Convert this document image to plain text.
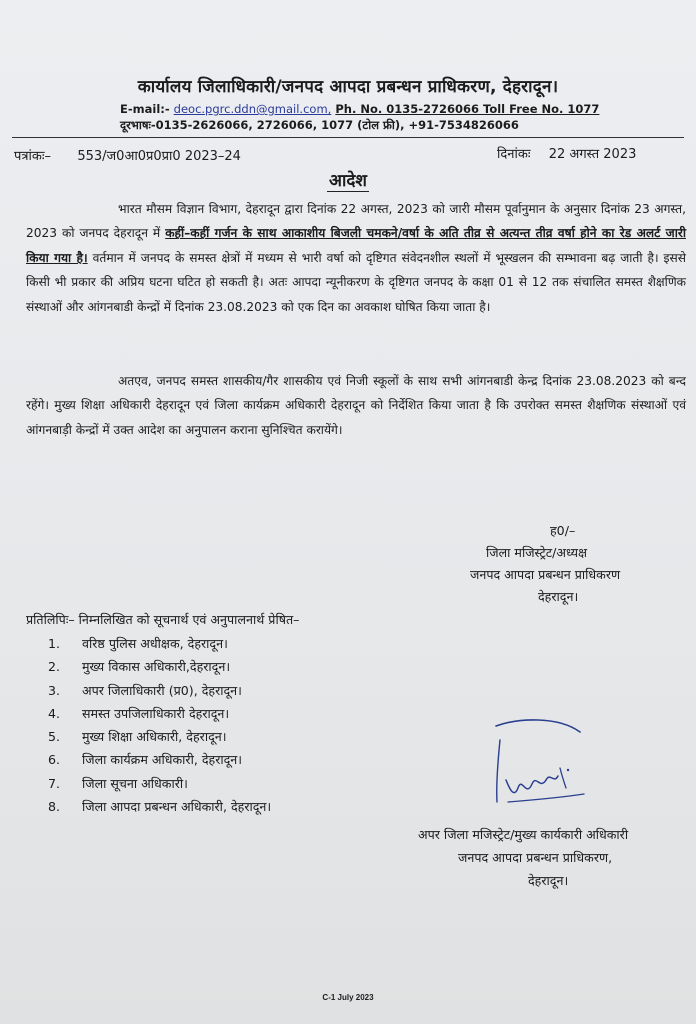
कार्यालय जिलाधिकारी/जनपद आपदा प्रबन्धन प्राधिकरण, देहरादून।
E-mail:- deoc.pgrc.ddn@gmail.com, Ph. No. 0135-2726066 Toll Free No. 1077
दूरभाषः-0135-2626066, 2726066, 1077 (टोल फ्री), +91-7534826066
पत्रांकः– 553/ज0आ0प्र0प्रा0 2023–24	दिनांकः 22 अगस्त 2023
आदेश
भारत मौसम विज्ञान विभाग, देहरादून द्वारा दिनांक 22 अगस्त, 2023 को जारी मौसम पूर्वानुमान के अनुसार दिनांक 23 अगस्त, 2023 को जनपद देहरादून में कहीं–कहीं गर्जन के साथ आकाशीय बिजली चमकने/वर्षा के अति तीव्र से अत्यन्त तीव्र वर्षा होने का रेड अलर्ट जारी किया गया है। वर्तमान में जनपद के समस्त क्षेत्रों में मध्यम से भारी वर्षा को दृष्टिगत संवेदनशील स्थलों में भूस्खलन की सम्भावना बढ़ जाती है। इससे किसी भी प्रकार की अप्रिय घटना घटित हो सकती है। अतः आपदा न्यूनीकरण के दृष्टिगत जनपद के कक्षा 01 से 12 तक संचालित समस्त शैक्षणिक संस्थाओं और आंगनबाडी केन्द्रों में दिनांक 23.08.2023 को एक दिन का अवकाश घोषित किया जाता है।
अतएव, जनपद समस्त शासकीय/गैर शासकीय एवं निजी स्कूलों के साथ सभी आंगनबाडी केन्द्र दिनांक 23.08.2023 को बन्द रहेंगे। मुख्य शिक्षा अधिकारी देहरादून एवं जिला कार्यक्रम अधिकारी देहरादून को निर्देशित किया जाता है कि उपरोक्त समस्त शैक्षणिक संस्थाओं एवं आंगनबाड़ी केन्द्रों में उक्त आदेश का अनुपालन कराना सुनिश्चित करायेंगे।
ह0/–
जिला मजिस्ट्रेट/अध्यक्ष
जनपद आपदा प्रबन्धन प्राधिकरण
देहरादून।
प्रतिलिपिः– निम्नलिखित को सूचनार्थ एवं अनुपालनार्थ प्रेषित–
1. वरिष्ठ पुलिस अधीक्षक, देहरादून।
2. मुख्य विकास अधिकारी,देहरादून।
3. अपर जिलाधिकारी (प्र0), देहरादून।
4. समस्त उपजिलाधिकारी देहरादून।
5. मुख्य शिक्षा अधिकारी, देहरादून।
6. जिला कार्यक्रम अधिकारी, देहरादून।
7. जिला सूचना अधिकारी।
8. जिला आपदा प्रबन्धन अधिकारी, देहरादून।
अपर जिला मजिस्ट्रेट/मुख्य कार्यकारी अधिकारी
जनपद आपदा प्रबन्धन प्राधिकरण,
देहरादून।
C-1 July 2023
